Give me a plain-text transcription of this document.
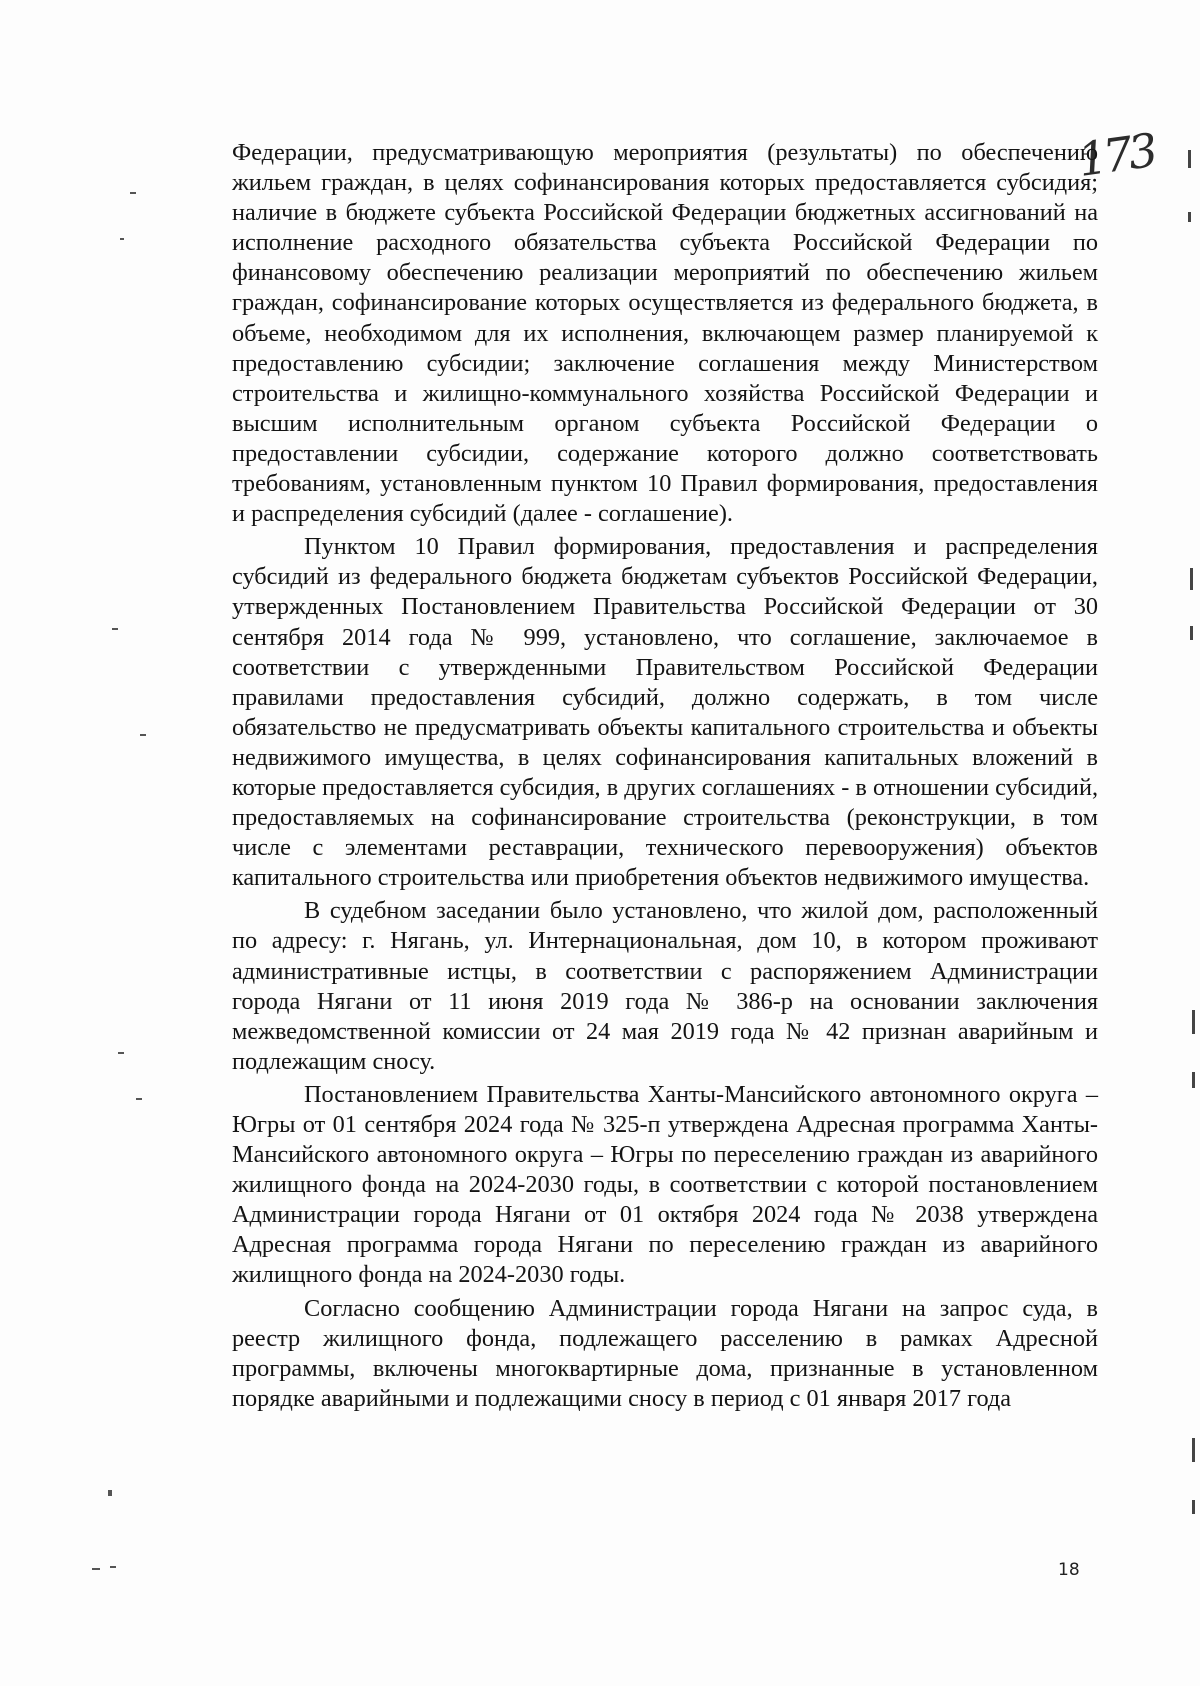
173

Федерации, предусматривающую мероприятия (результаты) по обеспечению жильем граждан, в целях софинансирования которых предоставляется субсидия; наличие в бюджете субъекта Российской Федерации бюджетных ассигнований на исполнение расходного обязательства субъекта Российской Федерации по финансовому обеспечению реализации мероприятий по обеспечению жильем граждан, софинансирование которых осуществляется из федерального бюджета, в объеме, необходимом для их исполнения, включающем размер планируемой к предоставлению субсидии; заключение соглашения между Министерством строительства и жилищно-коммунального хозяйства Российской Федерации и высшим исполнительным органом субъекта Российской Федерации о предоставлении субсидии, содержание которого должно соответствовать требованиям, установленным пунктом 10 Правил формирования, предоставления и распределения субсидий (далее - соглашение).

Пунктом 10 Правил формирования, предоставления и распределения субсидий из федерального бюджета бюджетам субъектов Российской Федерации, утвержденных Постановлением Правительства Российской Федерации от 30 сентября 2014 года № 999, установлено, что соглашение, заключаемое в соответствии с утвержденными Правительством Российской Федерации правилами предоставления субсидий, должно содержать, в том числе обязательство не предусматривать объекты капитального строительства и объекты недвижимого имущества, в целях софинансирования капитальных вложений в которые предоставляется субсидия, в других соглашениях - в отношении субсидий, предоставляемых на софинансирование строительства (реконструкции, в том числе с элементами реставрации, технического перевооружения) объектов капитального строительства или приобретения объектов недвижимого имущества.

В судебном заседании было установлено, что жилой дом, расположенный по адресу: г. Нягань, ул. Интернациональная, дом 10, в котором проживают административные истцы, в соответствии с распоряжением Администрации города Нягани от 11 июня 2019 года № 386-р на основании заключения межведомственной комиссии от 24 мая 2019 года № 42 признан аварийным и подлежащим сносу.

Постановлением Правительства Ханты-Мансийского автономного округа – Югры от 01 сентября 2024 года № 325-п утверждена Адресная программа Ханты-Мансийского автономного округа – Югры по переселению граждан из аварийного жилищного фонда на 2024-2030 годы, в соответствии с которой постановлением Администрации города Нягани от 01 октября 2024 года № 2038 утверждена Адресная программа города Нягани по переселению граждан из аварийного жилищного фонда на 2024-2030 годы.

Согласно сообщению Администрации города Нягани на запрос суда, в реестр жилищного фонда, подлежащего расселению в рамках Адресной программы, включены многоквартирные дома, признанные в установленном порядке аварийными и подлежащими сносу в период с 01 января 2017 года

18
